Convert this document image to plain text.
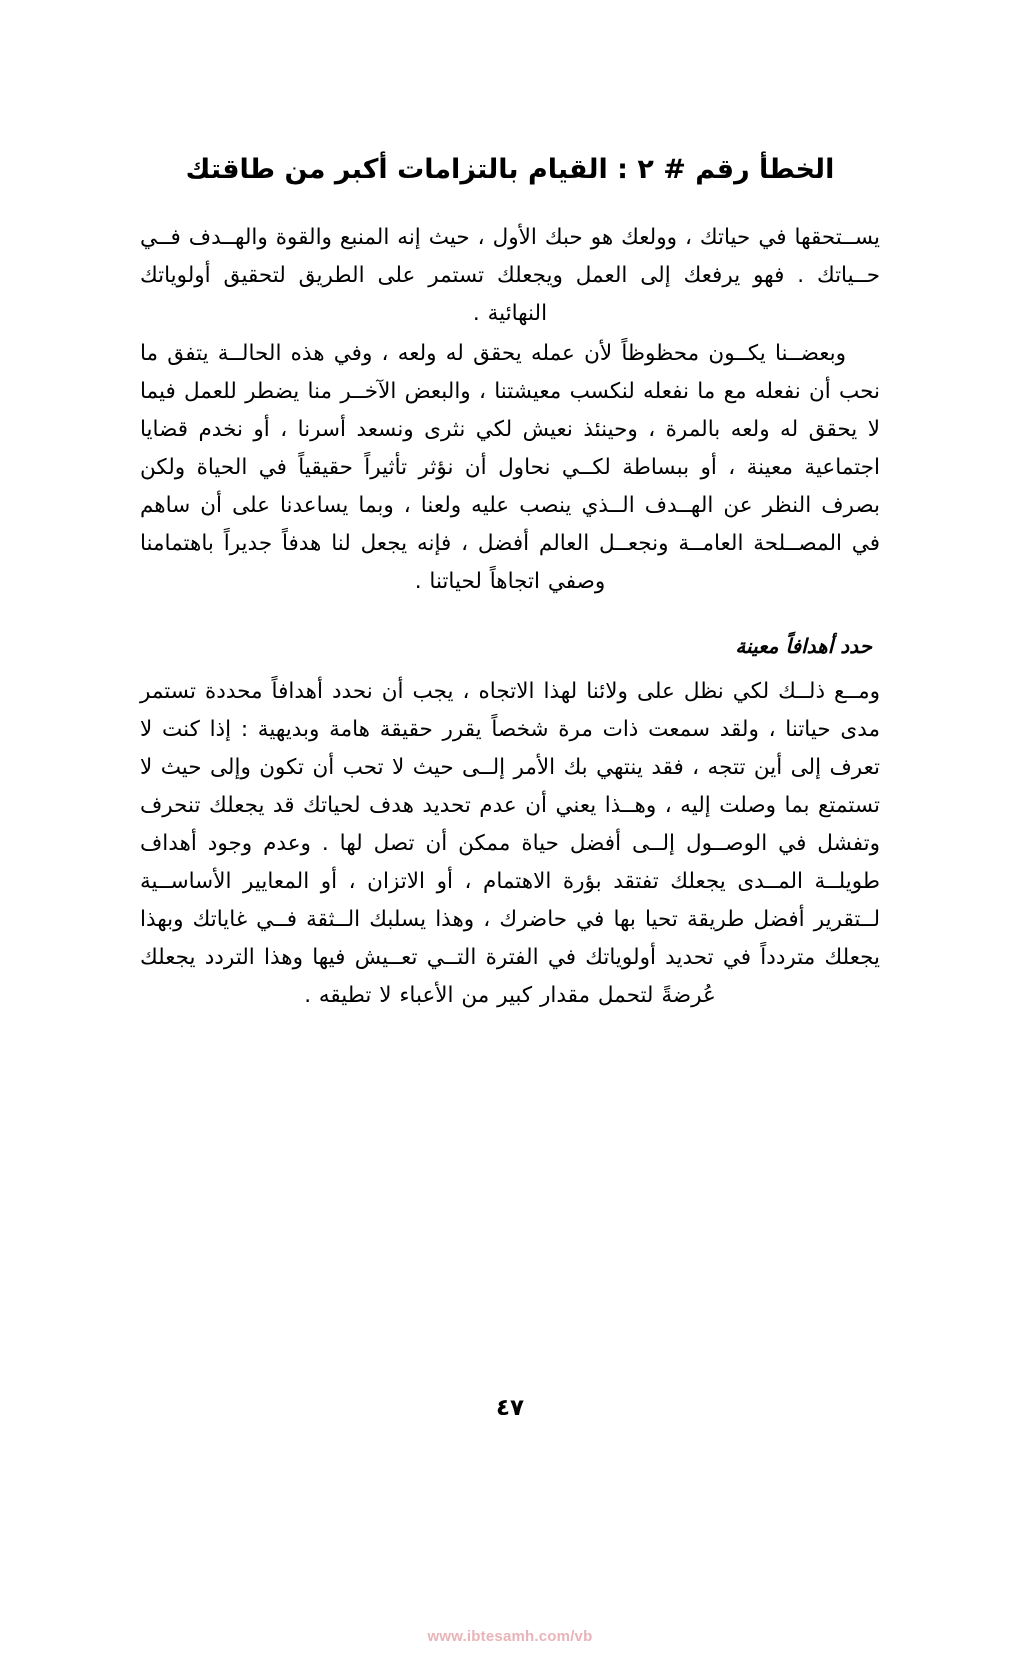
الخطأ رقم # ٢ : القيام بالتزامات أكبر من طاقتك

يســتحقها في حياتك ، وولعك هو حبك الأول ، حيث إنه المنبع والقوة والهــدف فــي حــياتك . فهو يرفعك إلى العمل ويجعلك تستمر على الطريق لتحقيق أولوياتك النهائية .

وبعضــنا يكــون محظوظاً لأن عمله يحقق له ولعه ، وفي هذه الحالــة يتفق ما نحب أن نفعله مع ما نفعله لنكسب معيشتنا ، والبعض الآخــر منا يضطر للعمل فيما لا يحقق له ولعه بالمرة ، وحينئذ نعيش لكي نثرى ونسعد أسرنا ، أو نخدم قضايا اجتماعية معينة ، أو ببساطة لكــي نحاول أن نؤثر تأثيراً حقيقياً في الحياة ولكن بصرف النظر عن الهــدف الــذي ينصب عليه ولعنا ، وبما يساعدنا على أن ساهم في المصــلحة العامــة ونجعــل العالم أفضل ، فإنه يجعل لنا هدفاً جديراً باهتمامنا وصفي اتجاهاً لحياتنا .

حدد أهدافاً معينة

ومــع ذلــك لكي نظل على ولائنا لهذا الاتجاه ، يجب أن نحدد أهدافاً محددة تستمر مدى حياتنا ، ولقد سمعت ذات مرة شخصاً يقرر حقيقة هامة وبديهية : إذا كنت لا تعرف إلى أين تتجه ، فقد ينتهي بك الأمر إلــى حيث لا تحب أن تكون وإلى حيث لا تستمتع بما وصلت إليه ، وهــذا يعني أن عدم تحديد هدف لحياتك قد يجعلك تنحرف وتفشل في الوصــول إلــى أفضل حياة ممكن أن تصل لها . وعدم وجود أهداف طويلــة المــدى يجعلك تفتقد بؤرة الاهتمام ، أو الاتزان ، أو المعايير الأساســية لــتقرير أفضل طريقة تحيا بها في حاضرك ، وهذا يسلبك الــثقة فــي غاياتك وبهذا يجعلك متردداً في تحديد أولوياتك في الفترة التــي تعــيش فيها وهذا التردد يجعلك عُرضةً لتحمل مقدار كبير من الأعباء لا تطيقه .

٤٧
www.ibtesamh.com/vb
